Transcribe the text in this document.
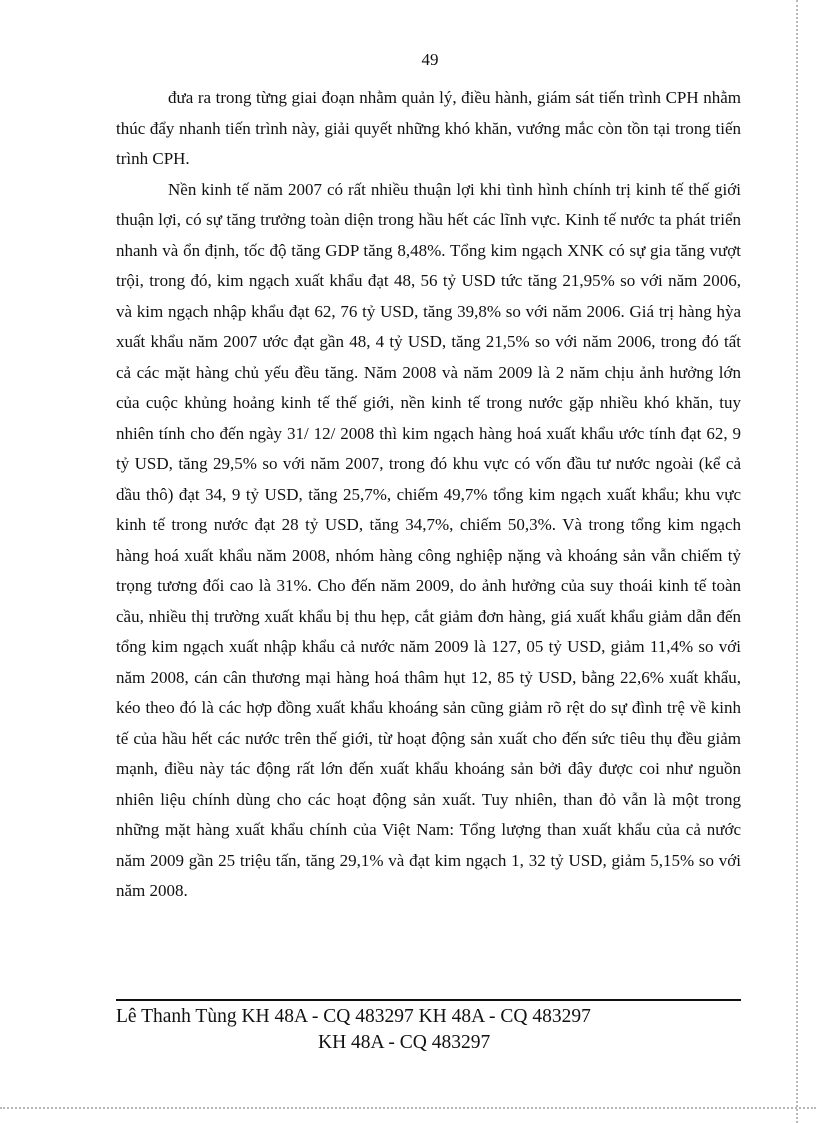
49

đưa ra trong từng giai đoạn nhằm quản lý, điều hành, giám sát tiến trình CPH nhằm thúc đẩy nhanh tiến trình này, giải quyết những khó khăn, vướng mắc còn tồn tại trong tiến trình CPH.

Nền kinh tế năm 2007 có rất nhiều thuận lợi khi tình hình chính trị kinh tế thế giới thuận lợi, có sự tăng trưởng toàn diện trong hầu hết các lĩnh vực. Kinh tế nước ta phát triển nhanh và ổn định, tốc độ tăng GDP tăng 8,48%. Tổng kim ngạch XNK có sự gia tăng vượt trội, trong đó, kim ngạch xuất khẩu đạt 48, 56 tỷ USD tức tăng 21,95% so với năm 2006, và kim ngạch nhập khẩu đạt 62, 76 tỷ USD, tăng 39,8% so với năm 2006. Giá trị hàng hỳa xuất khẩu năm 2007 ước đạt gần 48, 4 tỷ USD, tăng 21,5% so với năm 2006, trong đó tất cả các mặt hàng chủ yếu đều tăng. Năm 2008 và năm 2009 là 2 năm chịu ảnh hưởng lớn của cuộc khủng hoảng kinh tế thế giới, nền kinh tế trong nước gặp nhiều khó khăn, tuy nhiên tính cho đến ngày 31/ 12/ 2008 thì kim ngạch hàng hoá xuất khẩu ước tính đạt 62, 9 tỷ USD, tăng 29,5% so với năm 2007, trong đó khu vực có vốn đầu tư nước ngoài (kể cả dầu thô) đạt 34, 9 tỷ USD, tăng 25,7%, chiếm 49,7% tổng kim ngạch xuất khẩu; khu vực kinh tế trong nước đạt 28 tỷ USD, tăng 34,7%, chiếm 50,3%. Và trong tổng kim ngạch hàng hoá xuất khẩu năm 2008, nhóm hàng công nghiệp nặng và khoáng sản vẫn chiếm tỷ trọng tương đối cao là 31%. Cho đến năm 2009, do ảnh hưởng của suy thoái kinh tế toàn cầu, nhiều thị trường xuất khẩu bị thu hẹp, cắt giảm đơn hàng, giá xuất khẩu giảm dẫn đến tổng kim ngạch xuất nhập khẩu cả nước năm 2009 là 127, 05 tỷ USD, giảm 11,4% so với năm 2008, cán cân thương mại hàng hoá thâm hụt 12, 85 tỷ USD, bằng 22,6% xuất khẩu, kéo theo đó là các hợp đồng xuất khẩu khoáng sản cũng giảm rõ rệt do sự đình trệ về kinh tế của hầu hết các nước trên thế giới, từ hoạt động sản xuất cho đến sức tiêu thụ đều giảm mạnh, điều này tác động rất lớn đến xuất khẩu khoáng sản bởi đây được coi như nguồn nhiên liệu chính dùng cho các hoạt động sản xuất. Tuy nhiên, than đỏ vẫn là một trong những mặt hàng xuất khẩu chính của Việt Nam: Tổng lượng than xuất khẩu của cả nước năm 2009 gần 25 triệu tấn, tăng 29,1% và đạt kim ngạch 1, 32 tỷ USD, giảm 5,15% so với năm 2008.

Lê Thanh Tùng KH 48A - CQ 483297 KH 48A - CQ 483297
KH 48A - CQ 483297
